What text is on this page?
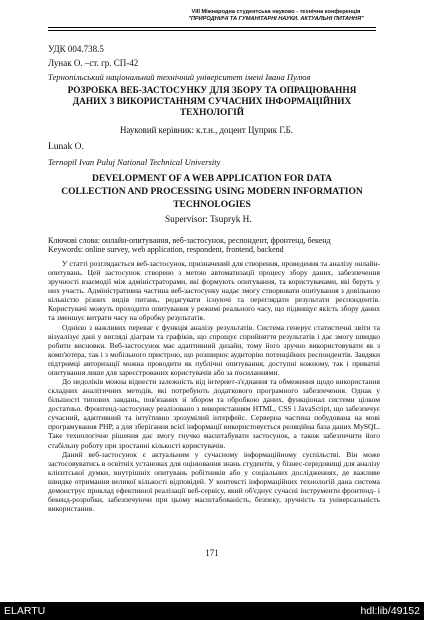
VIII Міжнародна студентська науково - технічна конференція
"ПРИРОДНИЧІ ТА ГУМАНІТАРНІ НАУКИ. АКТУАЛЬНІ ПИТАННЯ"
УДК 004.738.5
Лунак О. –ст. гр. СП-42
Тернопільський національний технічний університет імені Івана Пулюя
РОЗРОБКА ВЕБ-ЗАСТОСУНКУ ДЛЯ ЗБОРУ ТА ОПРАЦЮВАННЯ ДАНИХ З ВИКОРИСТАННЯМ СУЧАСНИХ ІНФОРМАЦІЙНИХ ТЕХНОЛОГІЙ
Науковий керівник: к.т.н., доцент Цуприк Г.Б.
Lunak O.
Ternopil Ivan Puluj National Technical University
DEVELOPMENT OF A WEB APPLICATION FOR DATA COLLECTION AND PROCESSING USING MODERN INFORMATION TECHNOLOGIES
Supervisor: Tsupryk H.
Ключові слова: онлайн-опитування, веб-застосунок, респондент, фронтенд, бекенд
Keywords: online survey, web application, respondent, frontend, backend

У статті розглядається веб-застосунок, призначений для створення, проведення та аналізу онлайн-опитувань. Цей застосунок створено з метою автоматизації процесу збору даних, забезпечення зручності взаємодії між адміністраторами, які формують опитування, та користувачами, які беруть у них участь. Адміністративна частина веб-застосунку надає змогу створювати опитування з довільною кількістю різних видів питань, редагувати існуючі та переглядати результати респондентів. Користувачі можуть проходити опитування у режимі реального часу, що підвищує якість збору даних та зменшує витрати часу на обробку результатів.

Однією з важливих переваг є функція аналізу результатів. Система генерує статистичні звіти та візуалізує дані у вигляді діаграм та графіків, що спрощує сприйняття результатів і дає змогу швидко робити висновки. Веб-застосунок має адаптивний дизайн, тому його зручно використовувати як з комп'ютера, так і з мобільного пристрою, що розширює аудиторію потенційних респондентів. Завдяки підтримці авторизації можна проводити як публічні опитування, доступні кожному, так і приватні опитування лише для зареєстрованих користувачів або за посиланнями.

До недоліків можна віднести залежність від інтернет-з'єднання та обмеження щодо використання складних аналітичних методів, які потребують додаткового програмного забезпечення. Однак у більшості типових завдань, пов'язаних зі збором та обробкою даних, функціонал системи цілком достатньо. Фронтенд-застосунку реалізовано з використанням HTML, CSS і JavaScript, що забезпечує сучасний, адаптивний та інтуїтивно зрозумілий інтерфейс. Серверна частина побудована на мові програмування PHP, а для зберігання всієї інформації використовується реляційна база даних MySQL. Таке технологічне рішення дає змогу гнучко масштабувати застосунок, а також забезпечити його стабільну роботу при зростанні кількості користувачів.

Даний веб-застосунок є актуальним у сучасному інформаційному суспільстві. Він може застосовуватись в освітніх установах для оцінювання знань студентів, у бізнес-середовищі для аналізу клієнтської думки, внутрішніх опитувань робітників або у соціальних дослідженнях, де важливе швидке отримання великої кількості відповідей. У контексті інформаційних технологій дана система демонструє приклад ефективної реалізації веб-сервісу, який об'єднує сучасні інструменти фронтенд- і бекенд-розробки, забезпечуючи при цьому масштабованість, безпеку, зручність та універсальність використання.

171
ELARTU	hdl:lib/49152
